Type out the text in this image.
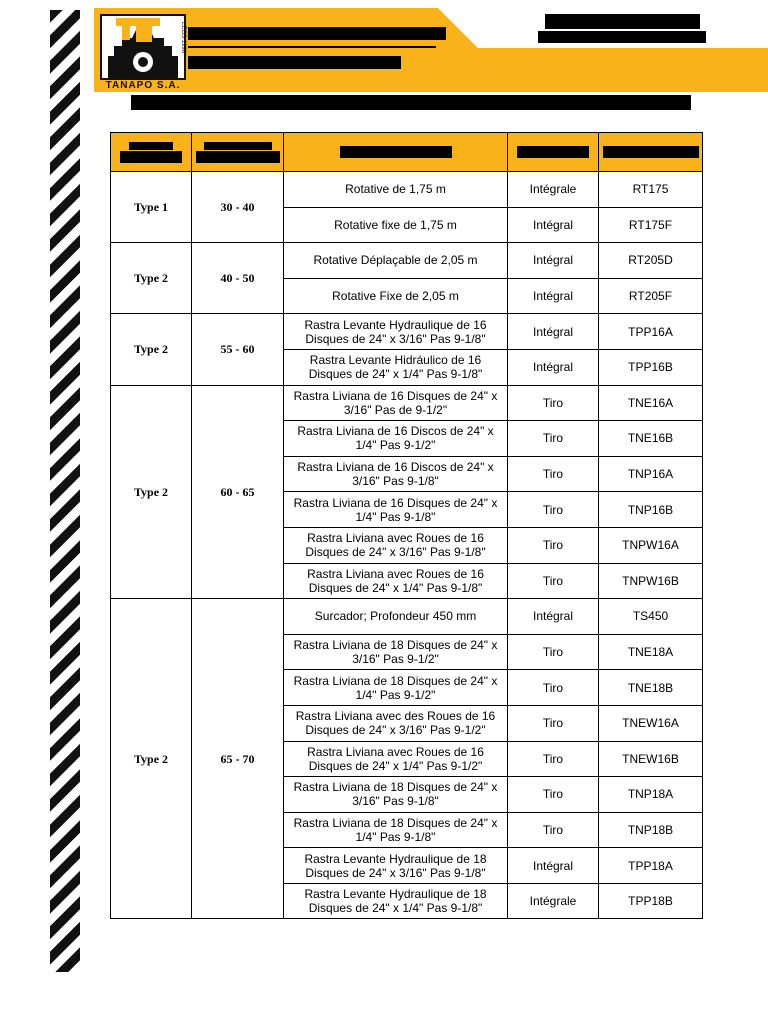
LEGS 1998
TANAPO S.A.

Type 1	30 - 40	Rotative de 1,75 m	Intégrale	RT175
		Rotative fixe de 1,75 m	Intégral	RT175F
Type 2	40 - 50	Rotative Déplaçable de 2,05 m	Intégral	RT205D
		Rotative Fixe de 2,05 m	Intégral	RT205F
Type 2	55 - 60	Rastra Levante Hydraulique de 16 Disques de 24" x 3/16" Pas 9-1/8"	Intégral	TPP16A
		Rastra Levante Hidráulico de 16 Disques de 24" x 1/4" Pas 9-1/8"	Intégral	TPP16B
Type 2	60 - 65	Rastra Liviana de 16 Disques de 24" x 3/16" Pas de 9-1/2"	Tiro	TNE16A
		Rastra Liviana de 16 Discos de 24" x 1/4" Pas 9-1/2"	Tiro	TNE16B
		Rastra Liviana de 16 Discos de 24" x 3/16" Pas 9-1/8"	Tiro	TNP16A
		Rastra Liviana de 16 Disques de 24" x 1/4" Pas 9-1/8"	Tiro	TNP16B
		Rastra Liviana avec Roues de 16 Disques de 24" x 3/16" Pas 9-1/8"	Tiro	TNPW16A
		Rastra Liviana avec Roues de 16 Disques de 24" x 1/4" Pas 9-1/8"	Tiro	TNPW16B
Type 2	65 - 70	Surcador; Profondeur 450 mm	Intégral	TS450
		Rastra Liviana de 18 Disques de 24" x 3/16" Pas 9-1/2"	Tiro	TNE18A
		Rastra Liviana de 18 Disques de 24" x 1/4" Pas 9-1/2"	Tiro	TNE18B
		Rastra Liviana avec des Roues de 16 Disques de 24" x 3/16" Pas 9-1/2"	Tiro	TNEW16A
		Rastra Liviana avec Roues de 16 Disques de 24" x 1/4" Pas 9-1/2"	Tiro	TNEW16B
		Rastra Liviana de 18 Disques de 24" x 3/16" Pas 9-1/8"	Tiro	TNP18A
		Rastra Liviana de 18 Disques de 24" x 1/4" Pas 9-1/8"	Tiro	TNP18B
		Rastra Levante Hydraulique de 18 Disques de 24" x 3/16" Pas 9-1/8"	Intégral	TPP18A
		Rastra Levante Hydraulique de 18 Disques de 24" x 1/4" Pas 9-1/8"	Intégrale	TPP18B
